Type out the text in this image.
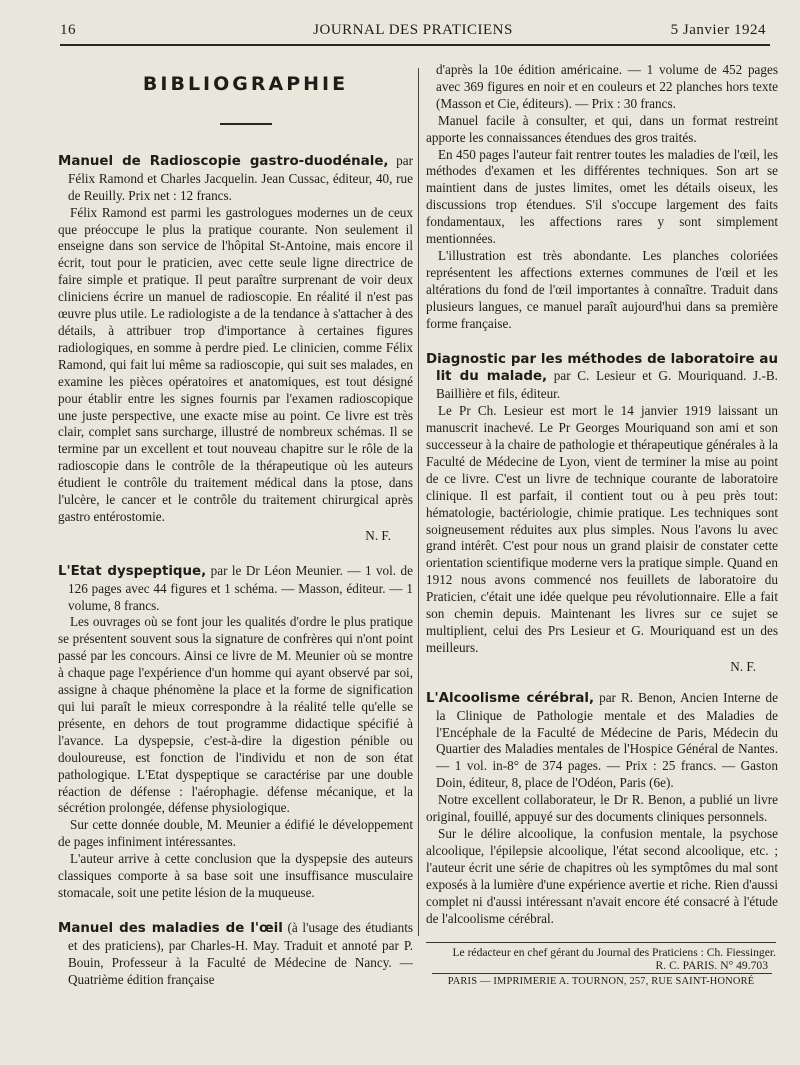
16	JOURNAL DES PRATICIENS	5 Janvier 1924
BIBLIOGRAPHIE

Manuel de Radioscopie gastro-duodénale, par Félix Ramond et Charles Jacquelin. Jean Cussac, éditeur, 40, rue de Reuilly. Prix net : 12 francs.

Félix Ramond est parmi les gastrologues modernes un de ceux que préoccupe le plus la pratique courante. Non seulement il enseigne dans son service de l'hôpital St-Antoine, mais encore il écrit, tout pour le praticien, avec cette seule ligne directrice de faire simple et pratique. Il peut paraître surprenant de voir deux cliniciens écrire un manuel de radioscopie. En réalité il n'est pas œuvre plus utile. Le radiologiste a de la tendance à s'attacher à des détails, à attribuer trop d'importance à certaines figures radiologiques, en somme à perdre pied. Le clinicien, comme Félix Ramond, qui fait lui même sa radioscopie, qui suit ses malades, en examine les pièces opératoires et anatomiques, est tout désigné pour établir entre les signes fournis par l'examen radioscopique une juste perspective, une exacte mise au point. Ce livre est très clair, complet sans surcharge, illustré de nombreux schémas. Il se termine par un excellent et tout nouveau chapitre sur le rôle de la radioscopie dans le contrôle de la thérapeutique où les auteurs étudient le contrôle du traitement médical dans la ptose, dans l'ulcère, le cancer et le contrôle du traitement chirurgical après gastro entérostomie.

N. F.

L'Etat dyspeptique, par le Dr Léon Meunier. — 1 vol. de 126 pages avec 44 figures et 1 schéma. — Masson, éditeur. — 1 volume, 8 francs.

Les ouvrages où se font jour les qualités d'ordre le plus pratique se présentent souvent sous la signature de confrères qui n'ont point passé par les concours. Ainsi ce livre de M. Meunier où se montre à chaque page l'expérience d'un homme qui ayant observé par soi, assigne à chaque phénomène la place et la forme de signification qui lui paraît le mieux correspondre à la réalité telle qu'elle se présente, en dehors de tout programme didactique spécifié à l'avance. La dyspepsie, c'est-à-dire la digestion pénible ou douloureuse, est fonction de l'individu et non de son état pathologique. L'Etat dyspeptique se caractérise par une double réaction de défense : l'aérophagie. défense mécanique, et la sécrétion prolongée, défense physiologique.

Sur cette donnée double, M. Meunier a édifié le développement de pages infiniment intéressantes.

L'auteur arrive à cette conclusion que la dyspepsie des auteurs classiques comporte à sa base soit une insuffisance musculaire stomacale, soit une petite lésion de la muqueuse.

Manuel des maladies de l'œil (à l'usage des étudiants et des praticiens), par Charles-H. May. Traduit et annoté par P. Bouin, Professeur à la Faculté de Médecine de Nancy. — Quatrième édition française

d'après la 10e édition américaine. — 1 volume de 452 pages avec 369 figures en noir et en couleurs et 22 planches hors texte (Masson et Cie, éditeurs). — Prix : 30 francs.

Manuel facile à consulter, et qui, dans un format restreint apporte les connaissances étendues des gros traités.

En 450 pages l'auteur fait rentrer toutes les maladies de l'œil, les méthodes d'examen et les différentes techniques. Son art se maintient dans de justes limites, omet les détails oiseux, les discussions trop étendues. S'il s'occupe largement des faits fondamentaux, les affections rares y sont simplement mentionnées.

L'illustration est très abondante. Les planches coloriées représentent les affections externes communes de l'œil et les altérations du fond de l'œil importantes à connaître. Traduit dans plusieurs langues, ce manuel paraît aujourd'hui dans sa première forme française.

Diagnostic par les méthodes de laboratoire au lit du malade, par C. Lesieur et G. Mouriquand. J.-B. Baillière et fils, éditeur.

Le Pr Ch. Lesieur est mort le 14 janvier 1919 laissant un manuscrit inachevé. Le Pr Georges Mouriquand son ami et son successeur à la chaire de pathologie et thérapeutique générales à la Faculté de Médecine de Lyon, vient de terminer la mise au point de ce livre. C'est un livre de technique courante de laboratoire clinique. Il est parfait, il contient tout ou à peu près tout: hématologie, bactériologie, chimie pratique. Les techniques sont soigneusement réduites aux plus simples. Nous l'avons lu avec grand intérêt. C'est pour nous un grand plaisir de constater cette orientation scientifique moderne vers la pratique simple. Quand en 1912 nous avons commencé nos feuillets de laboratoire du Praticien, c'était une idée quelque peu révolutionnaire. Elle a fait son chemin depuis. Maintenant les livres sur ce sujet se multiplient, celui des Prs Lesieur et G. Mouriquand est un des meilleurs.

N. F.

L'Alcoolisme cérébral, par R. Benon, Ancien Interne de la Clinique de Pathologie mentale et des Maladies de l'Encéphale de la Faculté de Médecine de Paris, Médecin du Quartier des Maladies mentales de l'Hospice Général de Nantes. — 1 vol. in-8° de 374 pages. — Prix : 25 francs. — Gaston Doin, éditeur, 8, place de l'Odéon, Paris (6e).

Notre excellent collaborateur, le Dr R. Benon, a publié un livre original, fouillé, appuyé sur des documents cliniques personnels.

Sur le délire alcoolique, la confusion mentale, la psychose alcoolique, l'épilepsie alcoolique, l'état second alcoolique, etc. ; l'auteur écrit une série de chapitres où les symptômes du mal sont exposés à la lumière d'une expérience avertie et riche. Rien d'aussi complet ni d'aussi intéressant n'avait encore été consacré à l'étude de l'alcoolisme cérébral.

Le rédacteur en chef gérant du Journal des Praticiens : Ch. Fiessinger.
R. C. PARIS. N° 49.703
PARIS — IMPRIMERIE A. TOURNON, 257, RUE SAINT-HONORÉ
